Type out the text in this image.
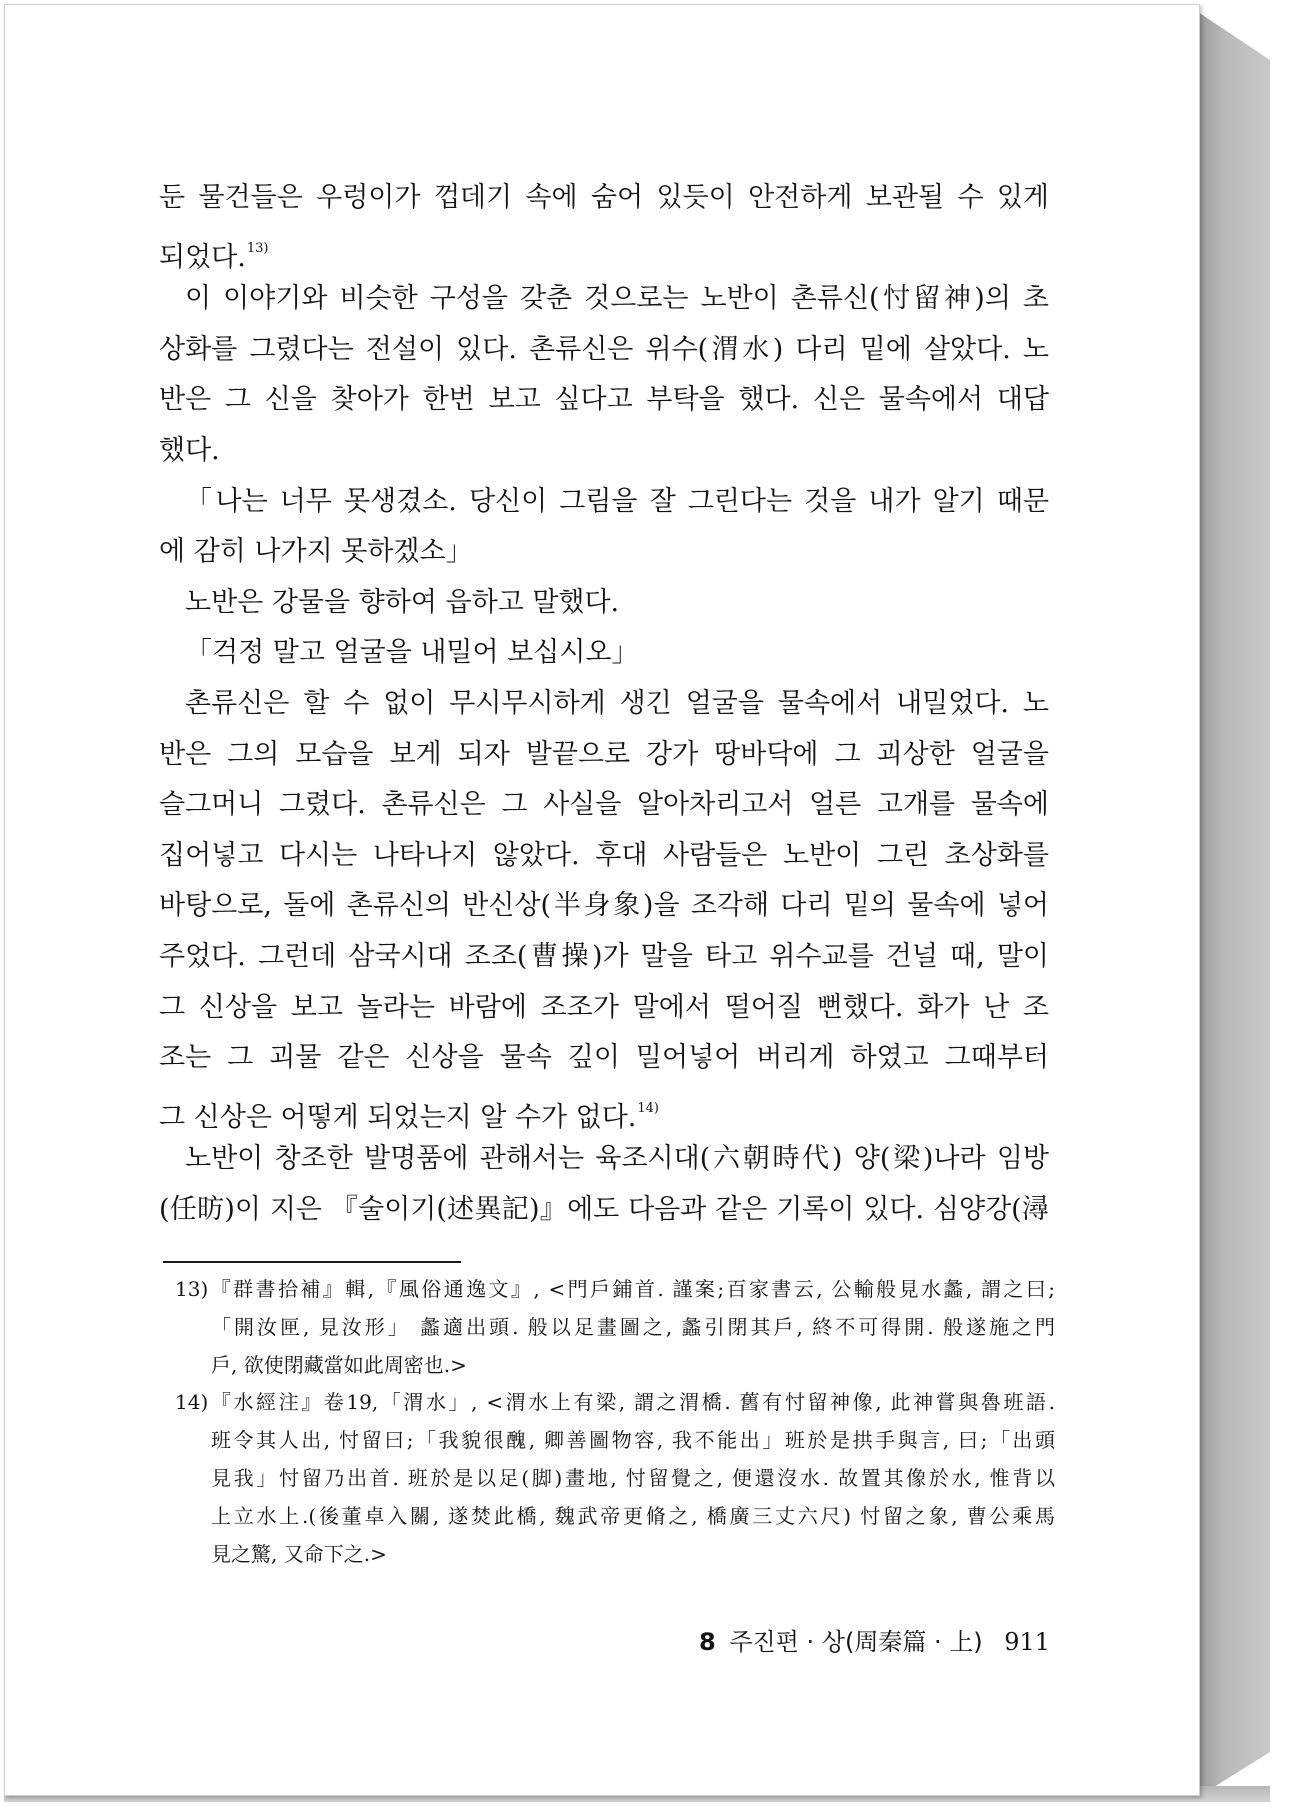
둔 물건들은 우렁이가 껍데기 속에 숨어 있듯이 안전하게 보관될 수 있게
되었다.$^{13)}$
이 이야기와 비슷한 구성을 갖춘 것으로는 노반이 촌류신(忖留神)의 초
상화를 그렸다는 전설이 있다. 촌류신은 위수(渭水) 다리 밑에 살았다. 노
반은 그 신을 찾아가 한번 보고 싶다고 부탁을 했다. 신은 물속에서 대답
했다.
「나는 너무 못생겼소. 당신이 그림을 잘 그린다는 것을 내가 알기 때문
에 감히 나가지 못하겠소」
노반은 강물을 향하여 읍하고 말했다.
「걱정 말고 얼굴을 내밀어 보십시오」
촌류신은 할 수 없이 무시무시하게 생긴 얼굴을 물속에서 내밀었다. 노
반은 그의 모습을 보게 되자 발끝으로 강가 땅바닥에 그 괴상한 얼굴을
슬그머니 그렸다. 촌류신은 그 사실을 알아차리고서 얼른 고개를 물속에
집어넣고 다시는 나타나지 않았다. 후대 사람들은 노반이 그린 초상화를
바탕으로, 돌에 촌류신의 반신상(半身象)을 조각해 다리 밑의 물속에 넣어
주었다. 그런데 삼국시대 조조(曹操)가 말을 타고 위수교를 건널 때, 말이
그 신상을 보고 놀라는 바람에 조조가 말에서 떨어질 뻔했다. 화가 난 조
조는 그 괴물 같은 신상을 물속 깊이 밀어넣어 버리게 하였고 그때부터
그 신상은 어떻게 되었는지 알 수가 없다.$^{14)}$
노반이 창조한 발명품에 관해서는 육조시대(六朝時代) 양(梁)나라 임방
(任昉)이 지은 『술이기(述異記)』에도 다음과 같은 기록이 있다. 심양강(潯
13)『群書拾補』輯,『風俗通逸文』, <門戶鋪首. 謹案;百家書云, 公輸般見水蠡, 謂之曰;
「開汝匣, 見汝形」 蠡適出頭. 般以足畫圖之, 蠡引閉其戶, 終不可得開. 般遂施之門
戶, 欲使閉藏當如此周密也.>
14)『水經注』卷19,「渭水」, <渭水上有梁, 謂之渭橋. 舊有忖留神像, 此神嘗與魯班語.
班令其人出, 忖留曰;「我貌很醜, 卿善圖物容, 我不能出」班於是拱手與言, 曰;「出頭
見我」忖留乃出首. 班於是以足(脚)畫地, 忖留覺之, 便還沒水. 故置其像於水, 惟背以
上立水上.(後董卓入關, 遂焚此橋, 魏武帝更脩之, 橋廣三丈六尺) 忖留之象, 曹公乘馬
見之驚, 又命下之.>
8 주진편 · 상(周秦篇 · 上) 911
